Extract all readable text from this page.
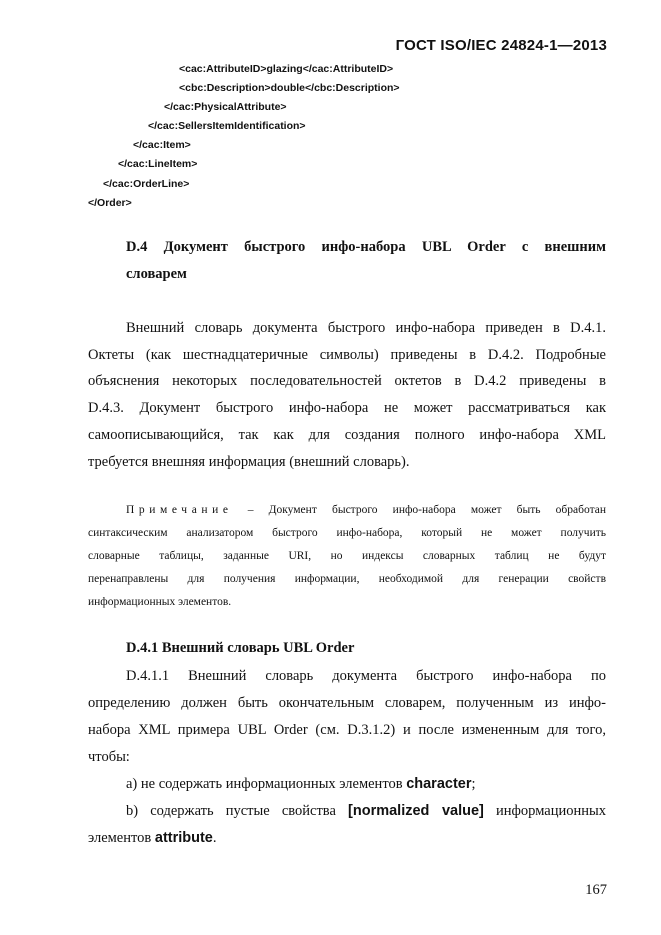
ГОСТ ISO/IEC 24824-1—2013
<cac:AttributeID>glazing</cac:AttributeID>
<cbc:Description>double</cbc:Description>
</cac:PhysicalAttribute>
</cac:SellersItemIdentification>
</cac:Item>
</cac:LineItem>
</cac:OrderLine>
</Order>
D.4 Документ быстрого инфо-набора UBL Order с внешним
словарем
Внешний словарь документа быстрого инфо-набора приведен в D.4.1.
Октеты (как шестнадцатеричные символы) приведены в D.4.2. Подробные
объяснения некоторых последовательностей октетов в D.4.2 приведены в
D.4.3. Документ быстрого инфо-набора не может рассматриваться как
самоописывающийся, так как для создания полного инфо-набора XML
требуется внешняя информация (внешний словарь).
Примечание – Документ быстрого инфо-набора может быть обработан
синтаксическим анализатором быстрого инфо-набора, который не может получить
словарные таблицы, заданные URI, но индексы словарных таблиц не будут
перенаправлены для получения информации, необходимой для генерации свойств
информационных элементов.
D.4.1 Внешний словарь UBL Order
D.4.1.1 Внешний словарь документа быстрого инфо-набора по
определению должен быть окончательным словарем, полученным из инфо-
набора XML примера UBL Order (см. D.3.1.2) и после измененным для того,
чтобы:
a) не содержать информационных элементов character;
b) содержать пустые свойства [normalized value] информационных
элементов attribute.
167
